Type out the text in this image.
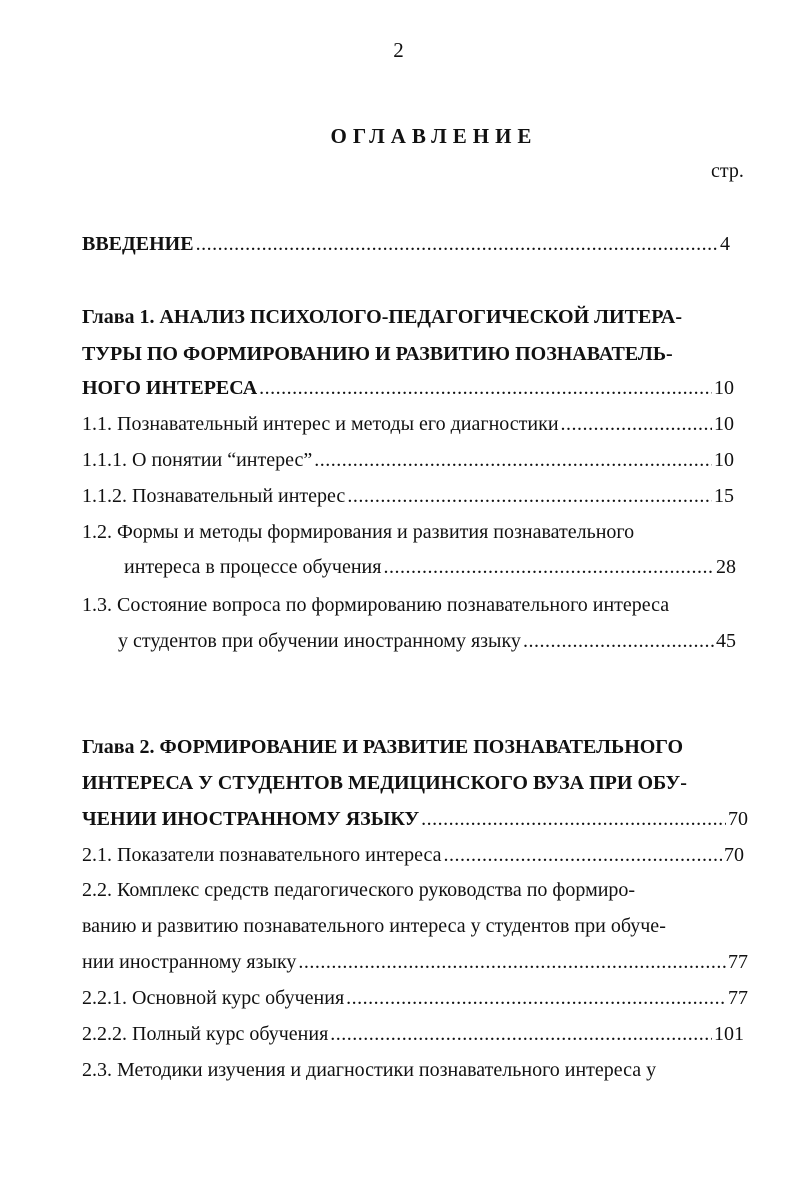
2
ОГЛАВЛЕНИЕ
стр.
ВВЕДЕНИЕ .....	4
Глава 1. АНАЛИЗ ПСИХОЛОГО-ПЕДАГОГИЧЕСКОЙ ЛИТЕРА-
ТУРЫ ПО ФОРМИРОВАНИЮ И РАЗВИТИЮ ПОЗНАВАТЕЛЬ-
НОГО ИНТЕРЕСА .....	10
1.1. Познавательный интерес и методы его диагностики .....	10
1.1.1. О понятии “интерес” .....	10
1.1.2. Познавательный интерес .....	15
1.2. Формы и методы формирования и развития познавательного
интереса в процессе обучения .....	28
1.3. Состояние вопроса по формированию познавательного интереса
у студентов при обучении иностранному языку .....	45
Глава 2. ФОРМИРОВАНИЕ И РАЗВИТИЕ ПОЗНАВАТЕЛЬНОГО
ИНТЕРЕСА У СТУДЕНТОВ МЕДИЦИНСКОГО ВУЗА ПРИ ОБУ-
ЧЕНИИ ИНОСТРАННОМУ ЯЗЫКУ .....	70
2.1. Показатели познавательного интереса .....	70
2.2. Комплекс средств педагогического руководства по формиро-
ванию и развитию познавательного интереса у студентов при обуче-
нии иностранному языку .....	77
2.2.1. Основной курс обучения .....	77
2.2.2. Полный курс обучения .....	101
2.3. Методики изучения и диагностики познавательного интереса у
